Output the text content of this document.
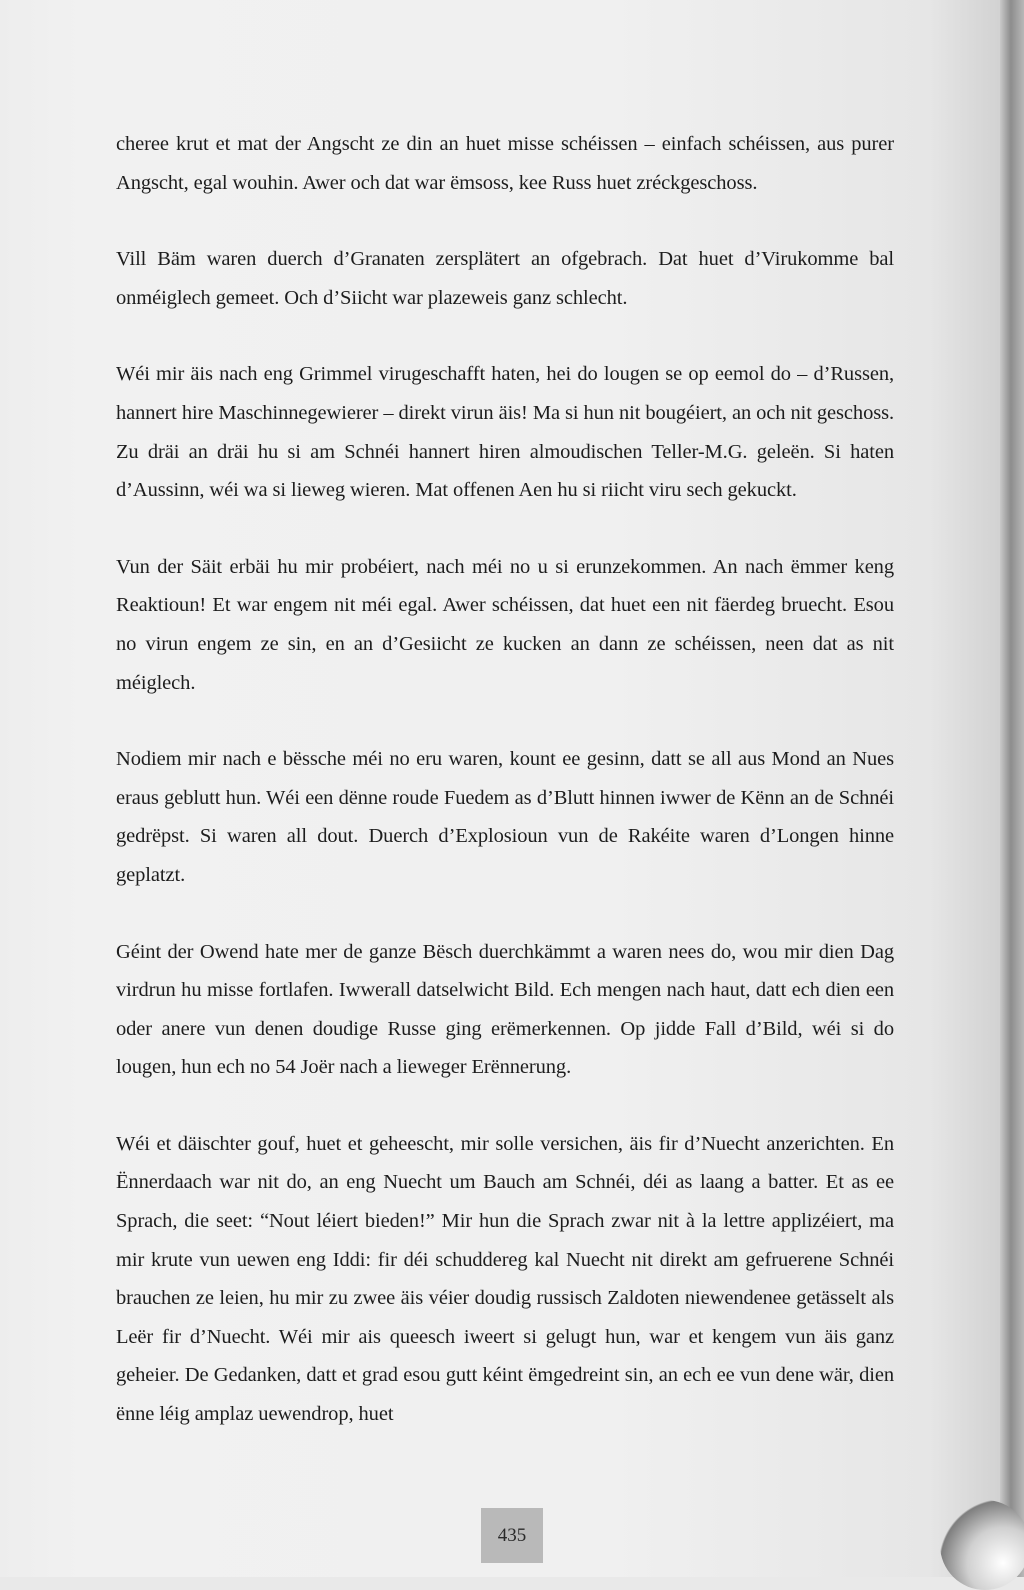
cheree krut et mat der Angscht ze din an huet misse schéissen – einfach schéissen, aus purer Angscht, egal wouhin. Awer och dat war ëmsoss, kee Russ huet zréckgeschoss.

Vill Bäm waren duerch d’Granaten zersplätert an ofgebrach. Dat huet d’Virukomme bal onméiglech gemeet. Och d’Siicht war plazeweis ganz schlecht.

Wéi mir äis nach eng Grimmel virugeschafft haten, hei do lougen se op eemol do – d’Russen, hannert hire Maschinnegewierer – direkt virun äis! Ma si hun nit bougéiert, an och nit geschoss. Zu dräi an dräi hu si am Schnéi hannert hiren almoudischen Teller-M.G. geleën. Si haten d’Aussinn, wéi wa si lieweg wieren. Mat offenen Aen hu si riicht viru sech gekuckt.

Vun der Säit erbäi hu mir probéiert, nach méi no u si erunzekommen. An nach ëmmer keng Reaktioun! Et war engem nit méi egal. Awer schéissen, dat huet een nit fäerdeg bruecht. Esou no virun engem ze sin, en an d’Gesiicht ze kucken an dann ze schéissen, neen dat as nit méiglech.

Nodiem mir nach e bëssche méi no eru waren, kount ee gesinn, datt se all aus Mond an Nues eraus geblutt hun. Wéi een dënne roude Fuedem as d’Blutt hinnen iwwer de Kënn an de Schnéi gedrëpst. Si waren all dout. Duerch d’Explosioun vun de Rakéite waren d’Longen hinne geplatzt.

Géint der Owend hate mer de ganze Bësch duerchkämmt a waren nees do, wou mir dien Dag virdrun hu misse fortlafen. Iwwerall datselwicht Bild. Ech mengen nach haut, datt ech dien een oder anere vun denen doudige Russe ging erëmerkennen. Op jidde Fall d’Bild, wéi si do lougen, hun ech no 54 Joër nach a lieweger Erënnerung.

Wéi et däischter gouf, huet et geheescht, mir solle versichen, äis fir d’Nuecht anzerichten. En Ënnerdaach war nit do, an eng Nuecht um Bauch am Schnéi, déi as laang a batter. Et as ee Sprach, die seet: “Nout léiert bieden!” Mir hun die Sprach zwar nit à la lettre applizéiert, ma mir krute vun uewen eng Iddi: fir déi schuddereg kal Nuecht nit direkt am gefruerene Schnéi brauchen ze leien, hu mir zu zwee äis véier doudig russisch Zaldoten niewendenee getässelt als Leër fir d’Nuecht. Wéi mir ais queesch iweert si gelugt hun, war et kengem vun äis ganz geheier. De Gedanken, datt et grad esou gutt kéint ëmgedreint sin, an ech ee vun dene wär, dien ënne léig amplaz uewendrop, huet

435
